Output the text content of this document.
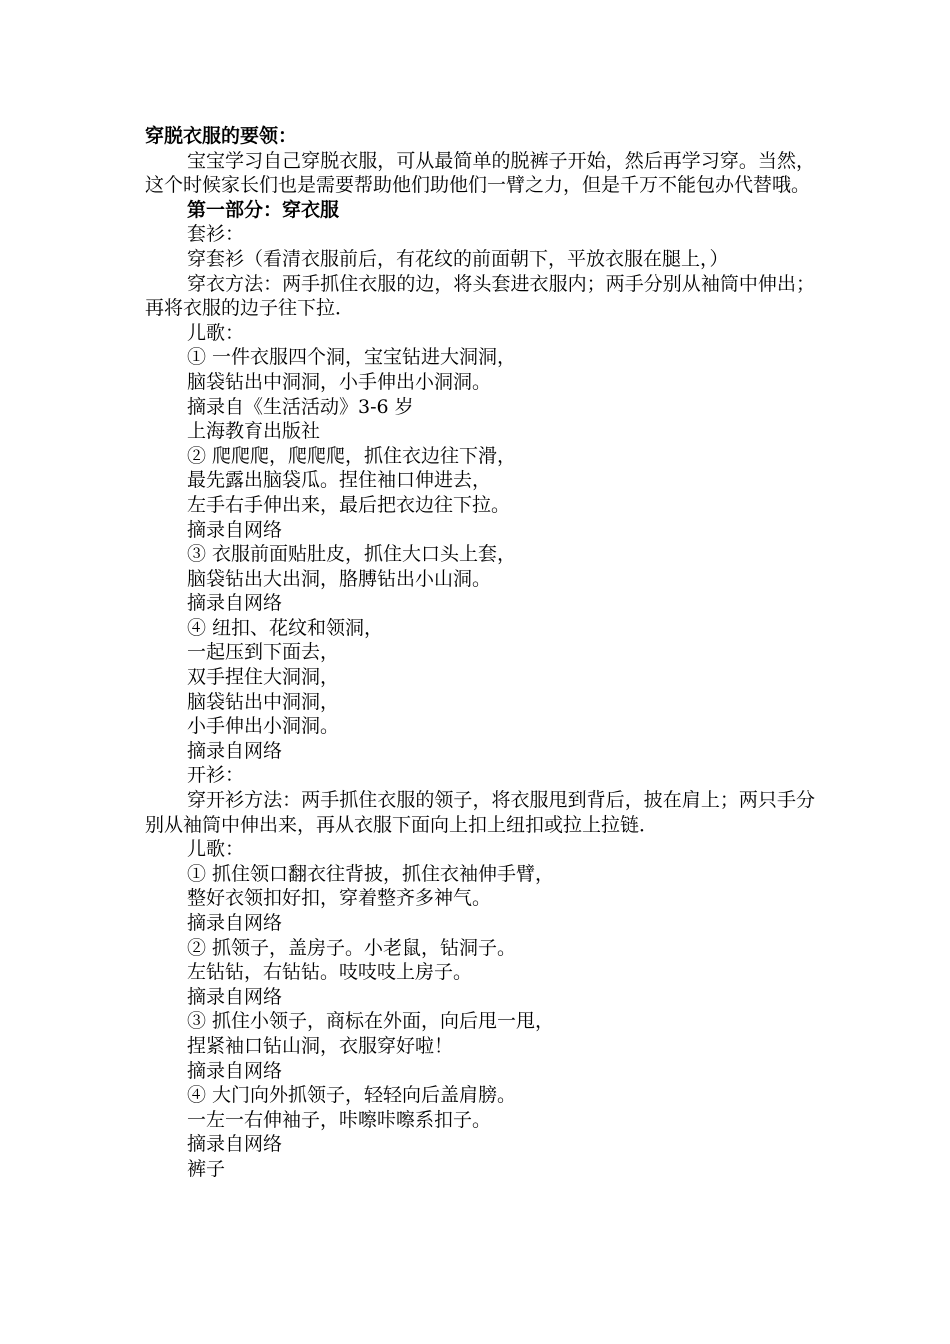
穿脱衣服的要领：

宝宝学习自己穿脱衣服，可从最简单的脱裤子开始，然后再学习穿。当然，这个时候家长们也是需要帮助他们助他们一臂之力，但是千万不能包办代替哦。

第一部分：穿衣服

套衫：

穿套衫（看清衣服前后，有花纹的前面朝下，平放衣服在腿上，）

穿衣方法：两手抓住衣服的边，将头套进衣服内；两手分别从袖筒中伸出；再将衣服的边子往下拉．

儿歌：

① 一件衣服四个洞，宝宝钻进大洞洞，

脑袋钻出中洞洞，小手伸出小洞洞。

摘录自《生活活动》3-6 岁

上海教育出版社

② 爬爬爬，爬爬爬，抓住衣边往下滑，

最先露出脑袋瓜。捏住袖口伸进去，

左手右手伸出来，最后把衣边往下拉。

摘录自网络

③ 衣服前面贴肚皮，抓住大口头上套，

脑袋钻出大出洞，胳膊钻出小山洞。

摘录自网络

④ 纽扣、花纹和领洞，

一起压到下面去，

双手捏住大洞洞，

脑袋钻出中洞洞，

小手伸出小洞洞。

摘录自网络

开衫：

穿开衫方法：两手抓住衣服的领子，将衣服甩到背后，披在肩上；两只手分别从袖筒中伸出来，再从衣服下面向上扣上纽扣或拉上拉链．

儿歌：

① 抓住领口翻衣往背披，抓住衣袖伸手臂，

整好衣领扣好扣，穿着整齐多神气。

摘录自网络

② 抓领子，盖房子。小老鼠，钻洞子。

左钻钻，右钻钻。吱吱吱上房子。

摘录自网络

③ 抓住小领子，商标在外面，向后甩一甩，

捏紧袖口钻山洞，衣服穿好啦！

摘录自网络

④ 大门向外抓领子，轻轻向后盖肩膀。

一左一右伸袖子，咔嚓咔嚓系扣子。

摘录自网络

裤子
